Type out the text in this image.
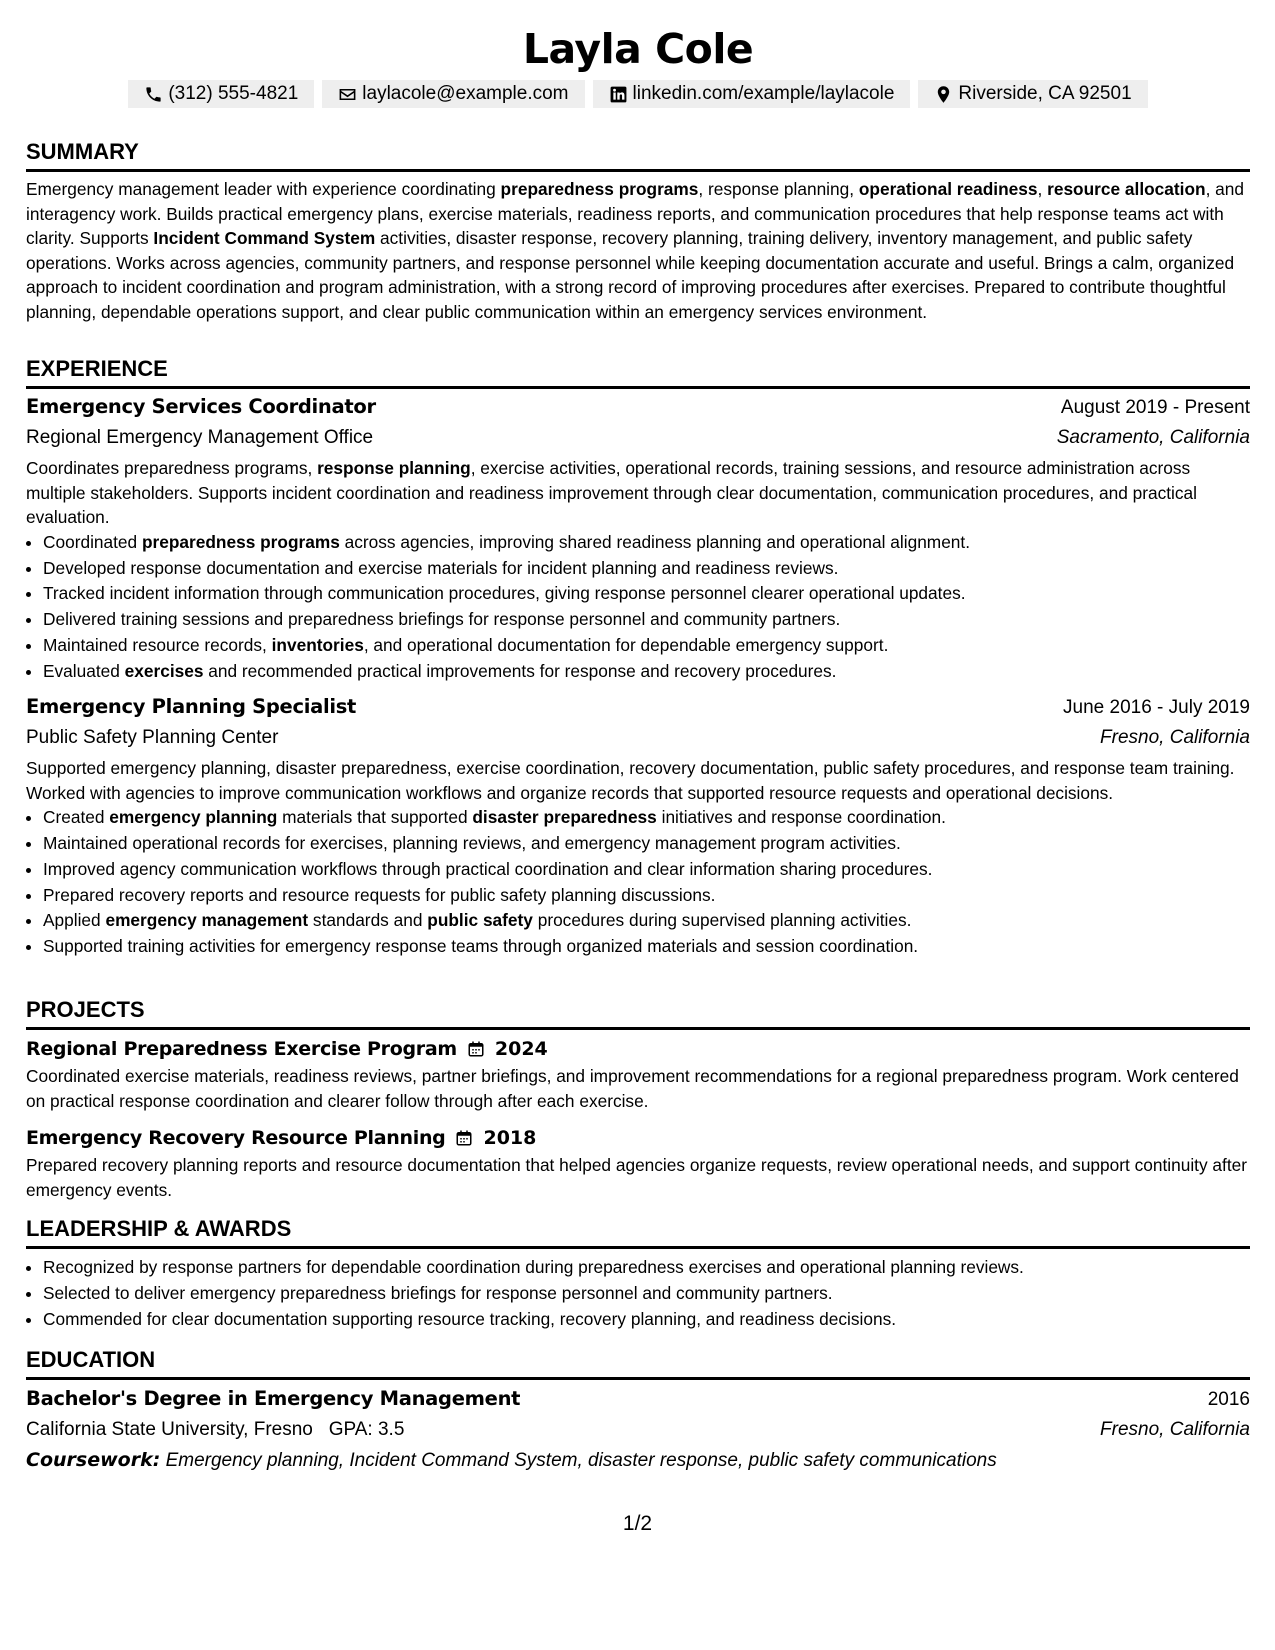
Layla Cole
(312) 555-4821	laylacole@example.com	linkedin.com/example/laylacole	Riverside, CA 92501
SUMMARY

Emergency management leader with experience coordinating preparedness programs, response planning, operational readiness, resource allocation, and interagency work. Builds practical emergency plans, exercise materials, readiness reports, and communication procedures that help response teams act with clarity. Supports Incident Command System activities, disaster response, recovery planning, training delivery, inventory management, and public safety operations. Works across agencies, community partners, and response personnel while keeping documentation accurate and useful. Brings a calm, organized approach to incident coordination and program administration, with a strong record of improving procedures after exercises. Prepared to contribute thoughtful planning, dependable operations support, and clear public communication within an emergency services environment.

EXPERIENCE
Emergency Services Coordinator	August 2019 - Present
Regional Emergency Management Office	Sacramento, California

Coordinates preparedness programs, response planning, exercise activities, operational records, training sessions, and resource administration across multiple stakeholders. Supports incident coordination and readiness improvement through clear documentation, communication procedures, and practical evaluation.

• Coordinated preparedness programs across agencies, improving shared readiness planning and operational alignment.
• Developed response documentation and exercise materials for incident planning and readiness reviews.
• Tracked incident information through communication procedures, giving response personnel clearer operational updates.
• Delivered training sessions and preparedness briefings for response personnel and community partners.
• Maintained resource records, inventories, and operational documentation for dependable emergency support.
• Evaluated exercises and recommended practical improvements for response and recovery procedures.
Emergency Planning Specialist	June 2016 - July 2019
Public Safety Planning Center	Fresno, California

Supported emergency planning, disaster preparedness, exercise coordination, recovery documentation, public safety procedures, and response team training. Worked with agencies to improve communication workflows and organize records that supported resource requests and operational decisions.

• Created emergency planning materials that supported disaster preparedness initiatives and response coordination.
• Maintained operational records for exercises, planning reviews, and emergency management program activities.
• Improved agency communication workflows through practical coordination and clear information sharing procedures.
• Prepared recovery reports and resource requests for public safety planning discussions.
• Applied emergency management standards and public safety procedures during supervised planning activities.
• Supported training activities for emergency response teams through organized materials and session coordination.
PROJECTS
Regional Preparedness Exercise Program 2024

Coordinated exercise materials, readiness reviews, partner briefings, and improvement recommendations for a regional preparedness program. Work centered on practical response coordination and clearer follow through after each exercise.

Emergency Recovery Resource Planning 2018

Prepared recovery planning reports and resource documentation that helped agencies organize requests, review operational needs, and support continuity after emergency events.

LEADERSHIP & AWARDS
• Recognized by response partners for dependable coordination during preparedness exercises and operational planning reviews.
• Selected to deliver emergency preparedness briefings for response personnel and community partners.
• Commended for clear documentation supporting resource tracking, recovery planning, and readiness decisions.
EDUCATION
Bachelor's Degree in Emergency Management	2016
California State University, Fresno GPA: 3.5	Fresno, California
Coursework: Emergency planning, Incident Command System, disaster response, public safety communications
1/2
